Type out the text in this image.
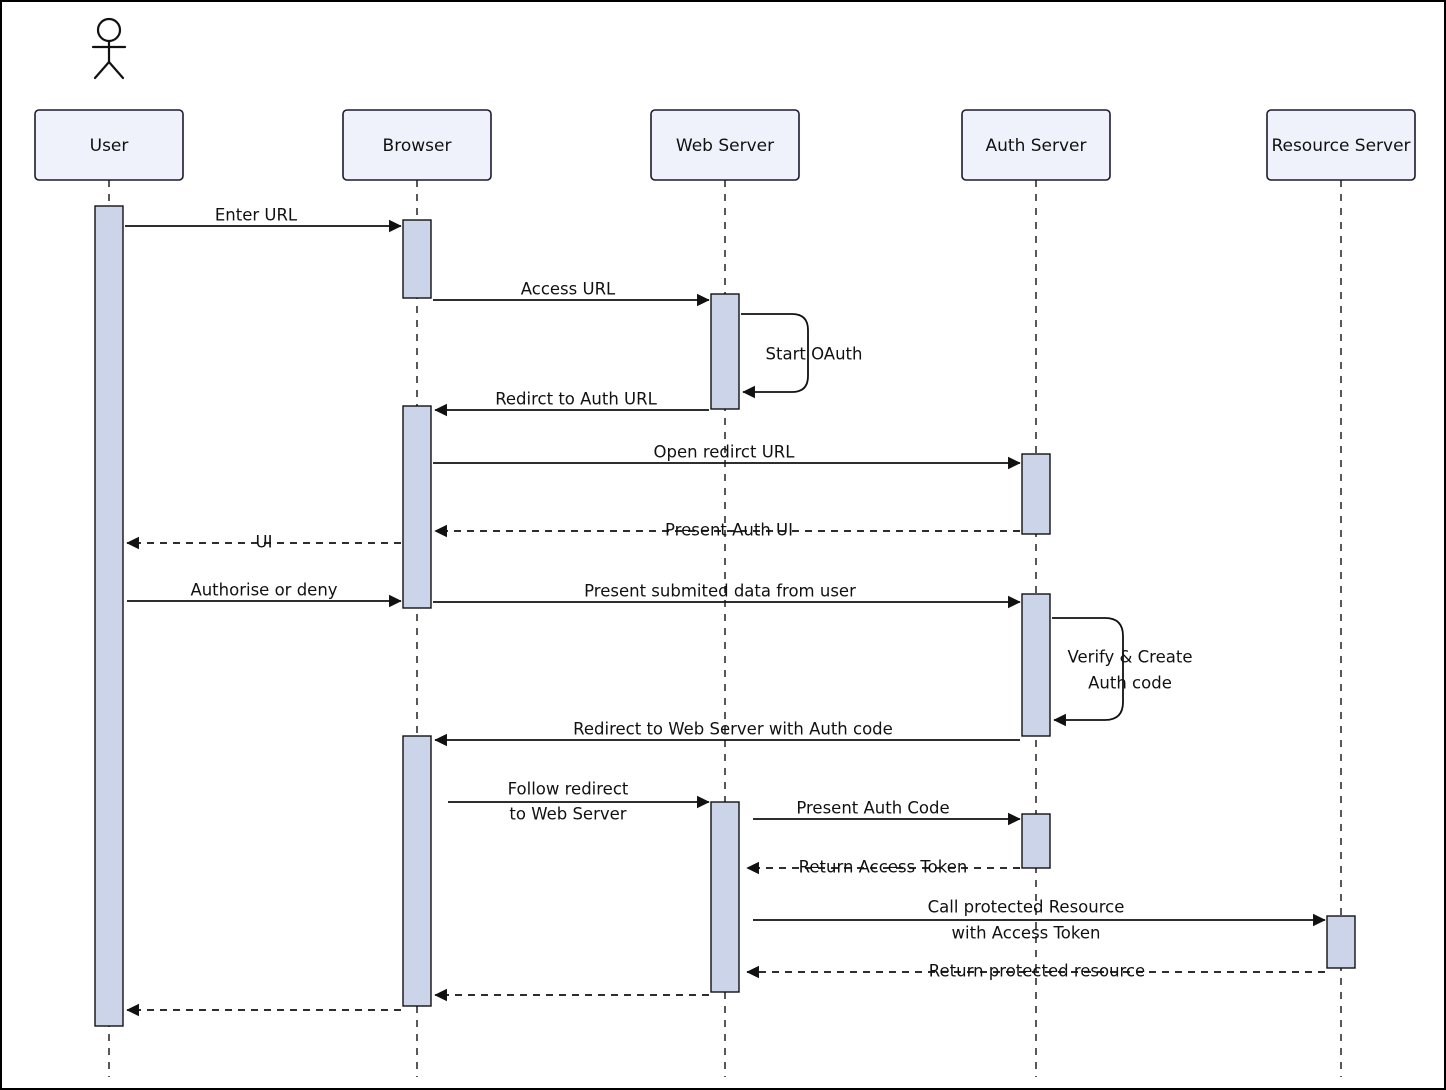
User	Browser	Web Server	Auth Server	Resource Server
Enter URL
Access URL
Start OAuth
Redirct to Auth URL
Open redirct URL
Present Auth UI
UI
Authorise or deny	Present submited data from user
Verify & Create
Auth code
Redirect to Web Server with Auth code
Follow redirect
to Web Server	Present Auth Code
Return Access Token
Call protected Resource
with Access Token
Return protected resource
